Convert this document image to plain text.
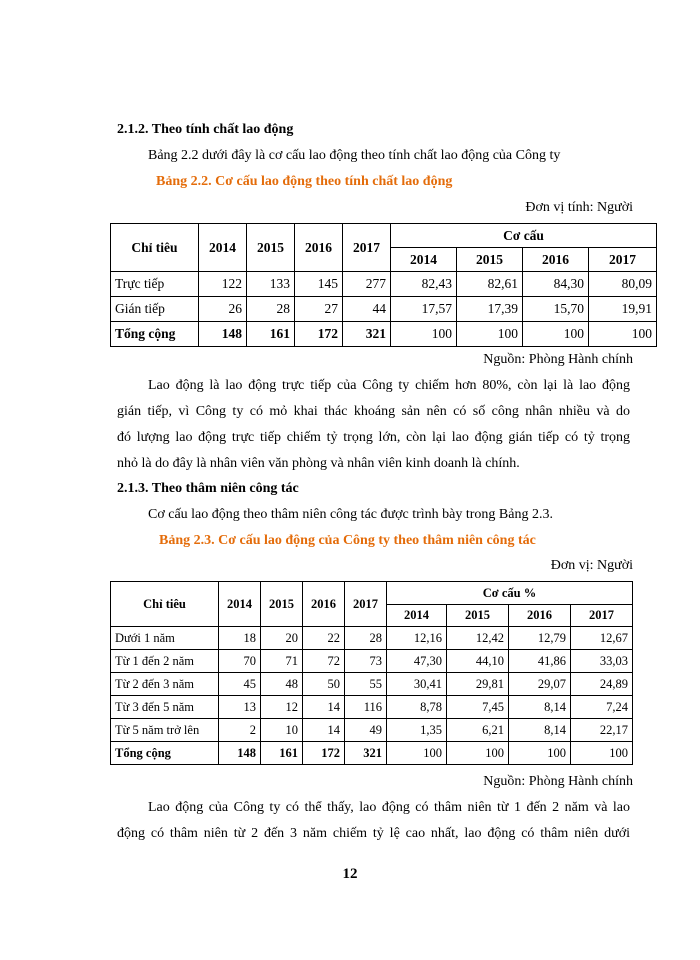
2.1.2. Theo tính chất lao động
Bảng 2.2 dưới đây là cơ cấu lao động theo tính chất lao động của Công ty
Bảng 2.2. Cơ cấu lao động theo tính chất lao động
Đơn vị tính: Người
Chỉ tiêu	2014	2015	2016	2017	Cơ cấu			
					2014	2015	2016	2017
Trực tiếp	122	133	145	277	82,43	82,61	84,30	80,09
Gián tiếp	26	28	27	44	17,57	17,39	15,70	19,91
Tổng cộng	148	161	172	321	100	100	100	100
Nguồn: Phòng Hành chính
Lao động là lao động trực tiếp của Công ty chiếm hơn 80%, còn lại là lao động
gián tiếp, vì Công ty có mỏ khai thác khoáng sản nên có số công nhân nhiều và do
đó lượng lao động trực tiếp chiếm tỷ trọng lớn, còn lại lao động gián tiếp có tỷ trọng
nhỏ là do đây là nhân viên văn phòng và nhân viên kinh doanh là chính.
2.1.3. Theo thâm niên công tác
Cơ cấu lao động theo thâm niên công tác được trình bày trong Bảng 2.3.
Bảng 2.3. Cơ cấu lao động của Công ty theo thâm niên công tác
Đơn vị: Người
Chỉ tiêu	2014	2015	2016	2017	Cơ cấu %			
					2014	2015	2016	2017
Dưới 1 năm	18	20	22	28	12,16	12,42	12,79	12,67
Từ 1 đến 2 năm	70	71	72	73	47,30	44,10	41,86	33,03
Từ 2 đến 3 năm	45	48	50	55	30,41	29,81	29,07	24,89
Từ 3 đến 5 năm	13	12	14	116	8,78	7,45	8,14	7,24
Từ 5 năm trở lên	2	10	14	49	1,35	6,21	8,14	22,17
Tổng cộng	148	161	172	321	100	100	100	100
Nguồn: Phòng Hành chính
Lao động của Công ty có thể thấy, lao động có thâm niên từ 1 đến 2 năm và lao
động có thâm niên từ 2 đến 3 năm chiếm tỷ lệ cao nhất, lao động có thâm niên dưới
12
